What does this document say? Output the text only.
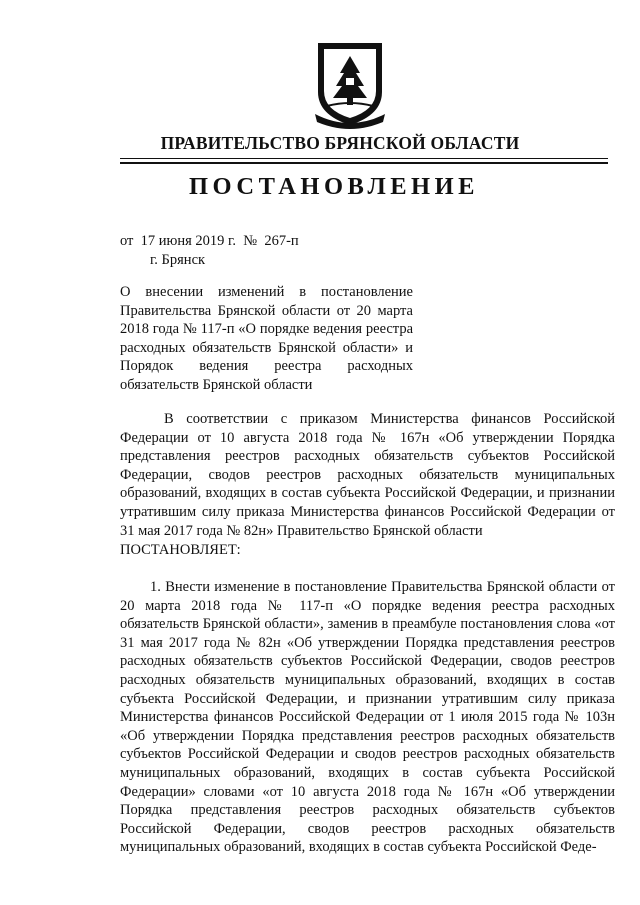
ПРАВИТЕЛЬСТВО БРЯНСКОЙ ОБЛАСТИ
ПОСТАНОВЛЕНИЕ
от  17 июня 2019 г.  №  267-п
г. Брянск
О внесении изменений в постановление Правительства Брянской области от 20 марта 2018 года № 117-п «О порядке ведения реестра расходных обязательств Брянской области» и Порядок ведения реестра расходных обязательств Брянской области
В соответствии с приказом Министерства финансов Российской Федерации от 10 августа 2018 года № 167н «Об утверждении Порядка представления реестров расходных обязательств субъектов Российской Федерации, сводов реестров расходных обязательств муниципальных образований, входящих в состав субъекта Российской Федерации, и признании утратившим силу приказа Министерства финансов Российской Федерации от 31 мая 2017 года № 82н» Правительство Брянской области
ПОСТАНОВЛЯЕТ:
1. Внести изменение в постановление Правительства Брянской области от 20 марта 2018 года № 117-п «О порядке ведения реестра расходных обязательств Брянской области», заменив в преамбуле постановления слова «от 31 мая 2017 года № 82н «Об утверждении Порядка представления реестров расходных обязательств субъектов Российской Федерации, сводов реестров расходных обязательств муниципальных образований, входящих в состав субъекта Российской Федерации, и признании утратившим силу приказа Министерства финансов Российской Федерации от 1 июля 2015 года № 103н «Об утверждении Порядка представления реестров расходных обязательств субъектов Российской Федерации и сводов реестров расходных обязательств муниципальных образований, входящих в состав субъекта Российской Федерации» словами «от 10 августа 2018 года № 167н «Об утверждении Порядка представления реестров расходных обязательств субъектов Российской Федерации, сводов реестров расходных обязательств муниципальных образований, входящих в состав субъекта Российской Феде-
